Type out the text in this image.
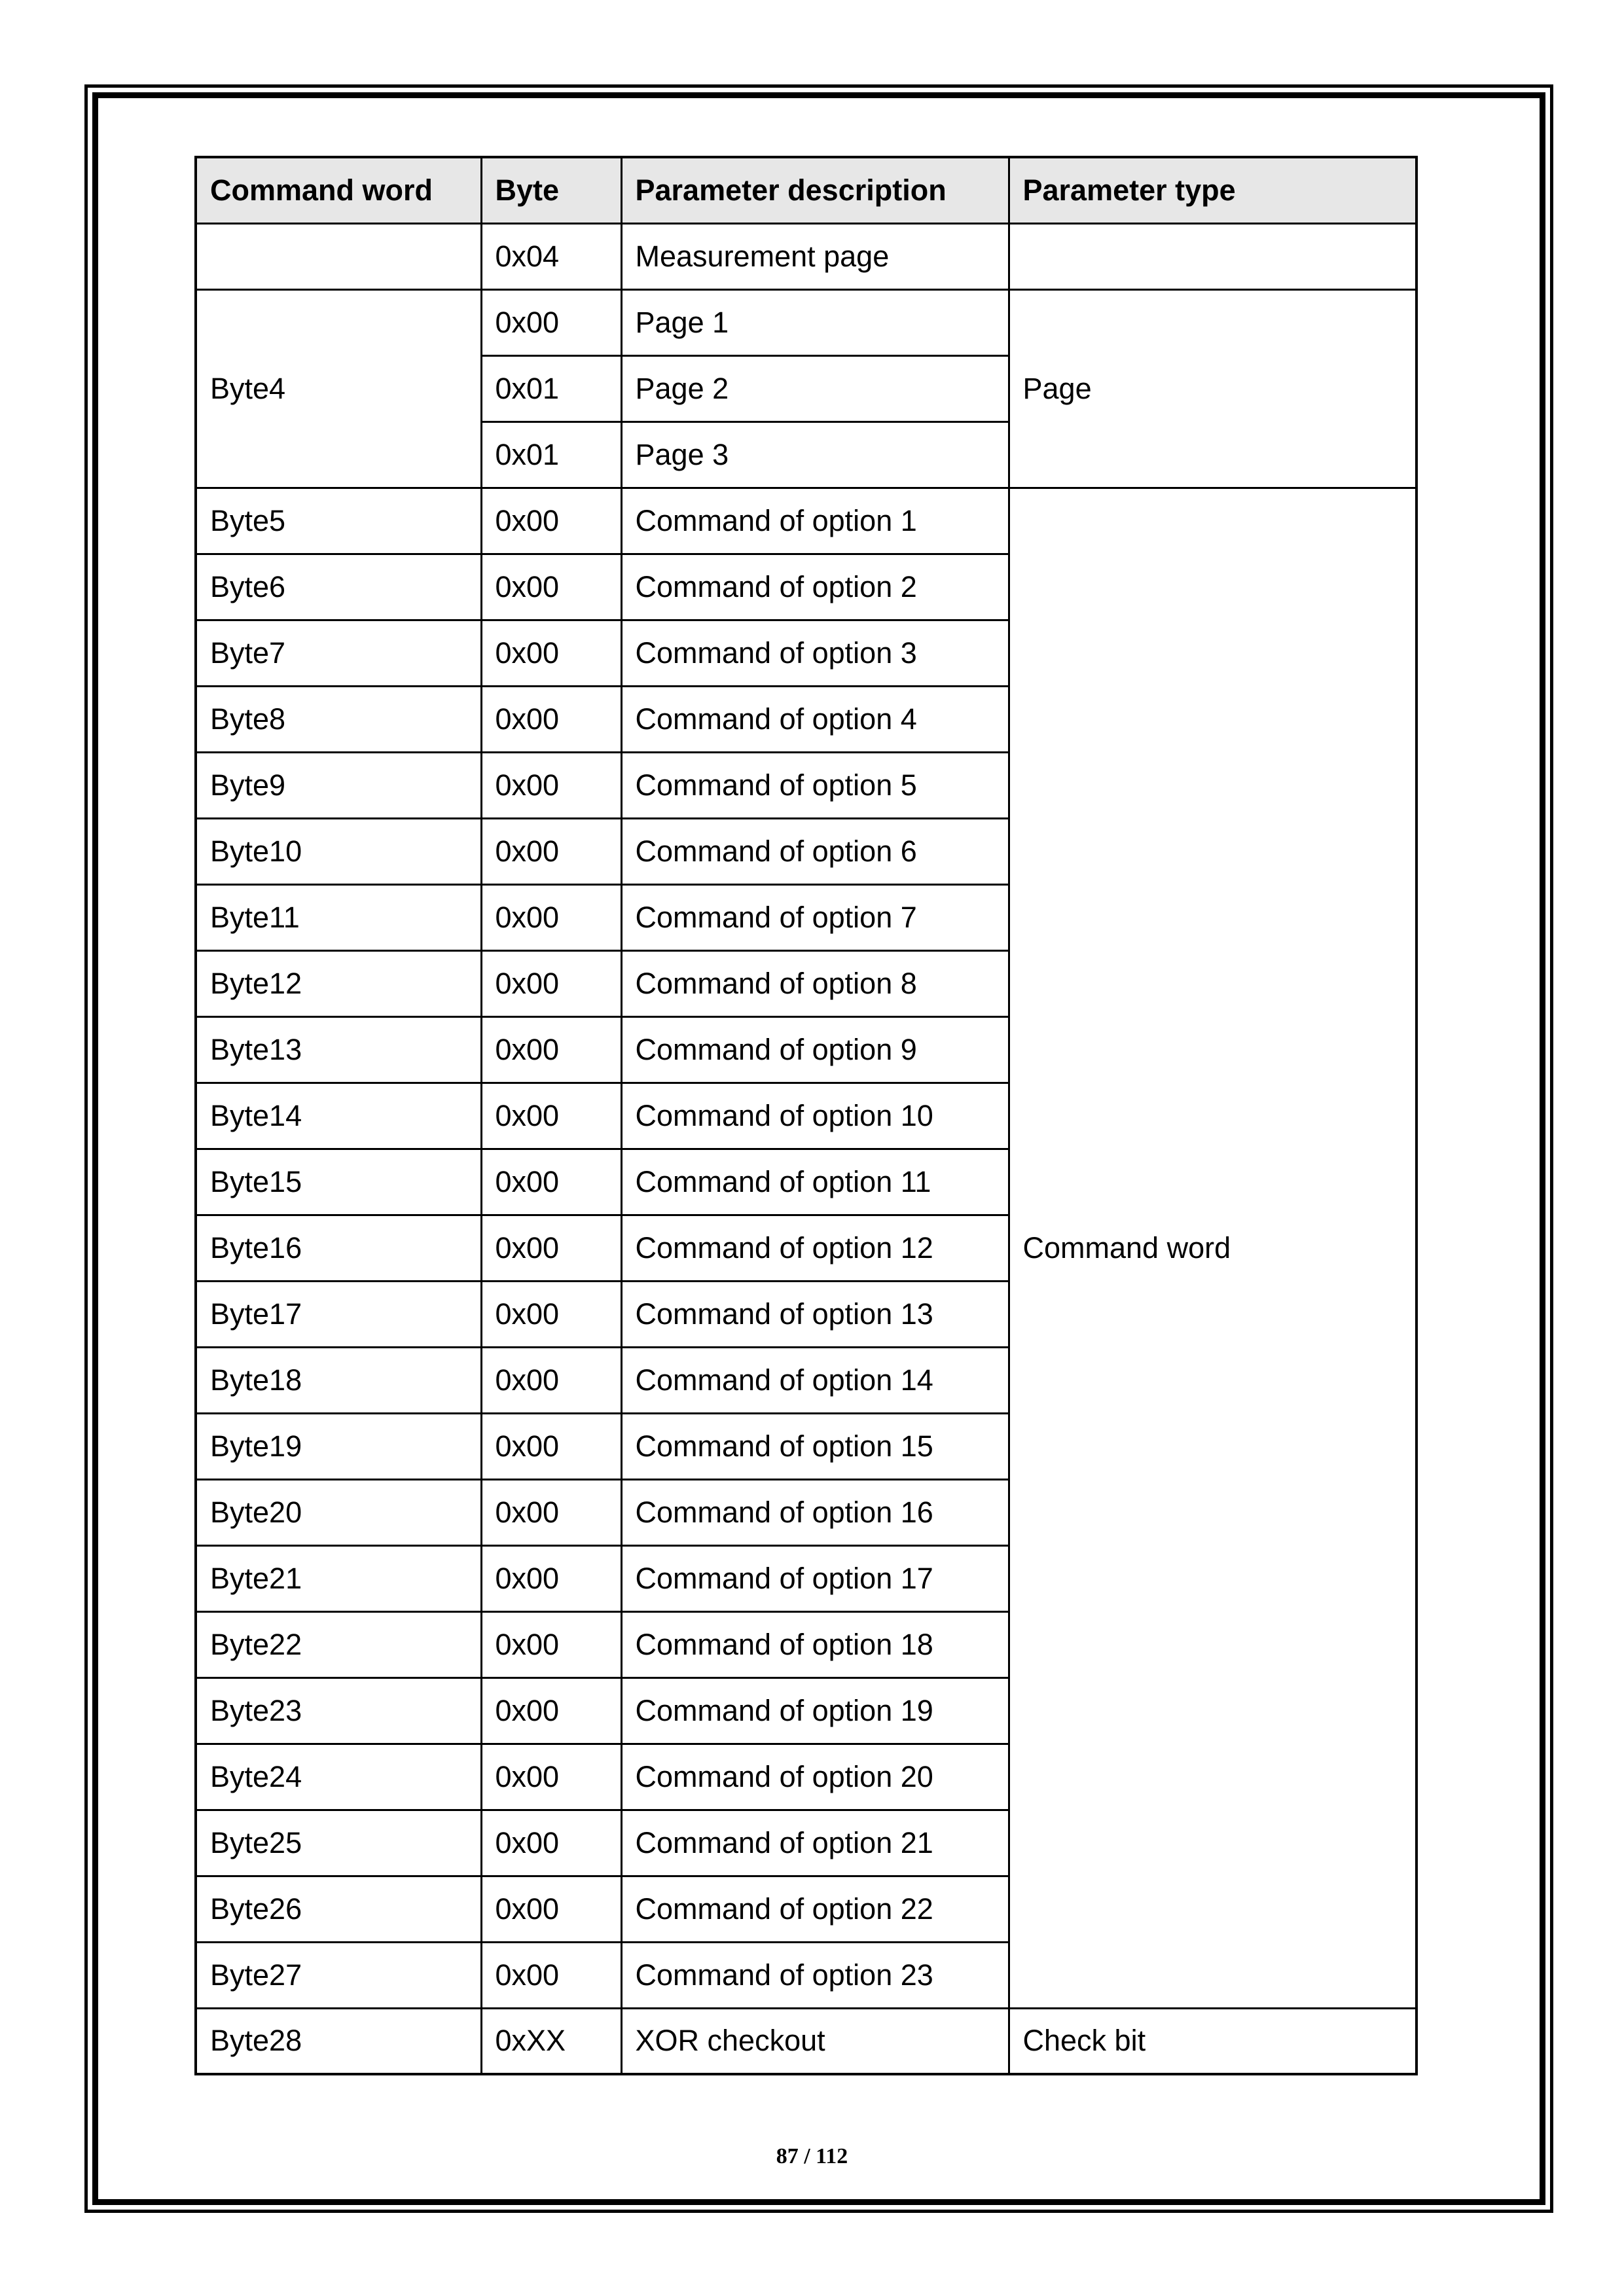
Command word	Byte	Parameter description	Parameter type
	0x04	Measurement page	
Byte4	0x00	Page 1	Page
	0x01	Page 2	
	0x01	Page 3	
Byte5	0x00	Command of option 1	Command word
Byte6	0x00	Command of option 2	
Byte7	0x00	Command of option 3	
Byte8	0x00	Command of option 4	
Byte9	0x00	Command of option 5	
Byte10	0x00	Command of option 6	
Byte11	0x00	Command of option 7	
Byte12	0x00	Command of option 8	
Byte13	0x00	Command of option 9	
Byte14	0x00	Command of option 10	
Byte15	0x00	Command of option 11	
Byte16	0x00	Command of option 12	
Byte17	0x00	Command of option 13	
Byte18	0x00	Command of option 14	
Byte19	0x00	Command of option 15	
Byte20	0x00	Command of option 16	
Byte21	0x00	Command of option 17	
Byte22	0x00	Command of option 18	
Byte23	0x00	Command of option 19	
Byte24	0x00	Command of option 20	
Byte25	0x00	Command of option 21	
Byte26	0x00	Command of option 22	
Byte27	0x00	Command of option 23	
Byte28	0xXX	XOR checkout	Check bit
87 / 112
